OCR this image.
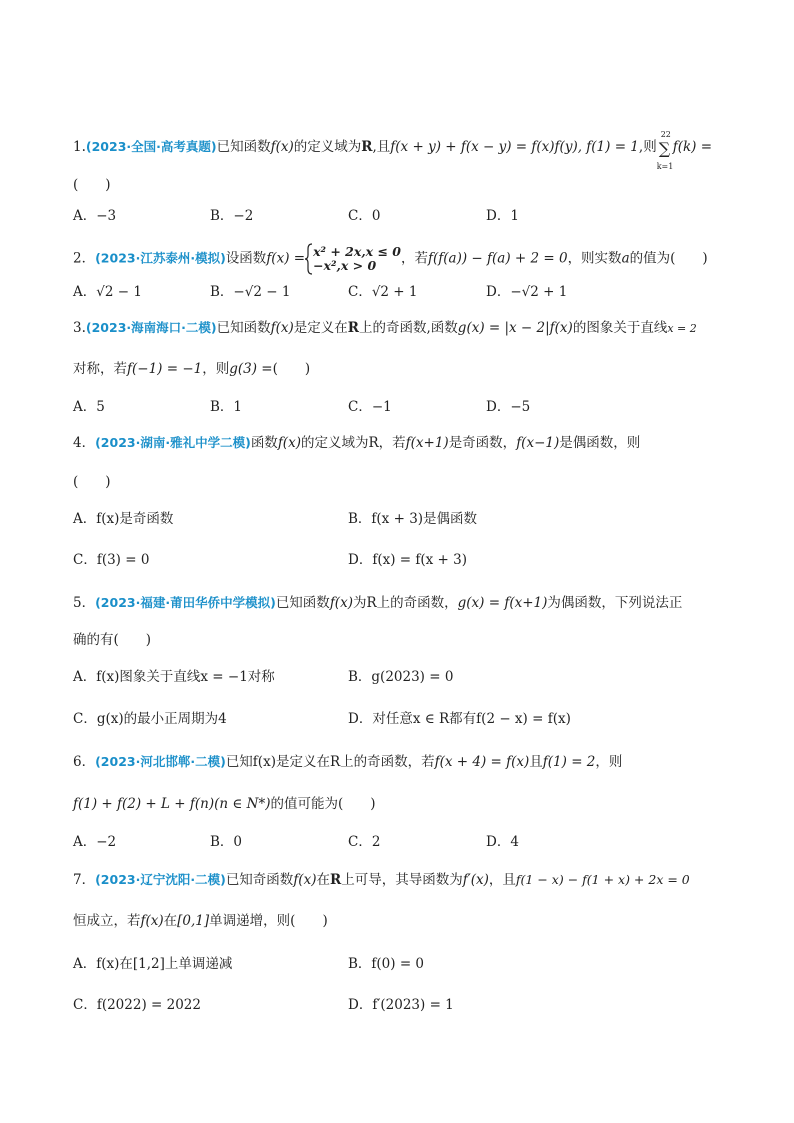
1.(2023·全国·高考真题)已知函数f(x)的定义域为R,且f(x + y) + f(x − y) = f(x)f(y), f(1) = 1,则
22
∑
k=1
f(k) =
(　　)
A．−3	B．−2	C．0	D．1
2．(2023·江苏泰州·模拟)设函数f(x) = x² + 2x,x ≤ 0
−x²,x > 0	，若f(f(a)) − f(a) + 2 = 0，则实数a的值为(　　)
A．√2 − 1	B．−√2 − 1	C．√2 + 1	D．−√2 + 1
3.(2023·海南海口·二模)已知函数f(x)是定义在R上的奇函数,函数g(x) = |x − 2|f(x)的图象关于直线x = 2
对称，若f(−1) = −1，则g(3) =(　　)
A．5	B．1	C．−1	D．−5
4．(2023·湖南·雅礼中学二模)函数f(x)的定义域为R，若f(x+1)是奇函数，f(x−1)是偶函数，则
(　　)
A．f(x)是奇函数	B．f(x + 3)是偶函数
C．f(3) = 0	D．f(x) = f(x + 3)
5．(2023·福建·莆田华侨中学模拟)已知函数f(x)为R上的奇函数，g(x) = f(x+1)为偶函数，下列说法正
确的有(　　)
A．f(x)图象关于直线x = −1对称	B．g(2023) = 0
C．g(x)的最小正周期为4	D．对任意x ∈ R都有f(2 − x) = f(x)
6．(2023·河北邯郸·二模)已知f(x)是定义在R上的奇函数，若f(x + 4) = f(x)且f(1) = 2，则
f(1) + f(2) + L + f(n)(n ∈ N*)的值可能为(　　)
A．−2	B．0	C．2	D．4
7．(2023·辽宁沈阳·二模)已知奇函数f(x)在R上可导，其导函数为f′(x)，且f(1 − x) − f(1 + x) + 2x = 0
恒成立，若f(x)在[0,1]单调递增，则(　　)
A．f(x)在[1,2]上单调递减	B．f(0) = 0
C．f(2022) = 2022	D．f′(2023) = 1
